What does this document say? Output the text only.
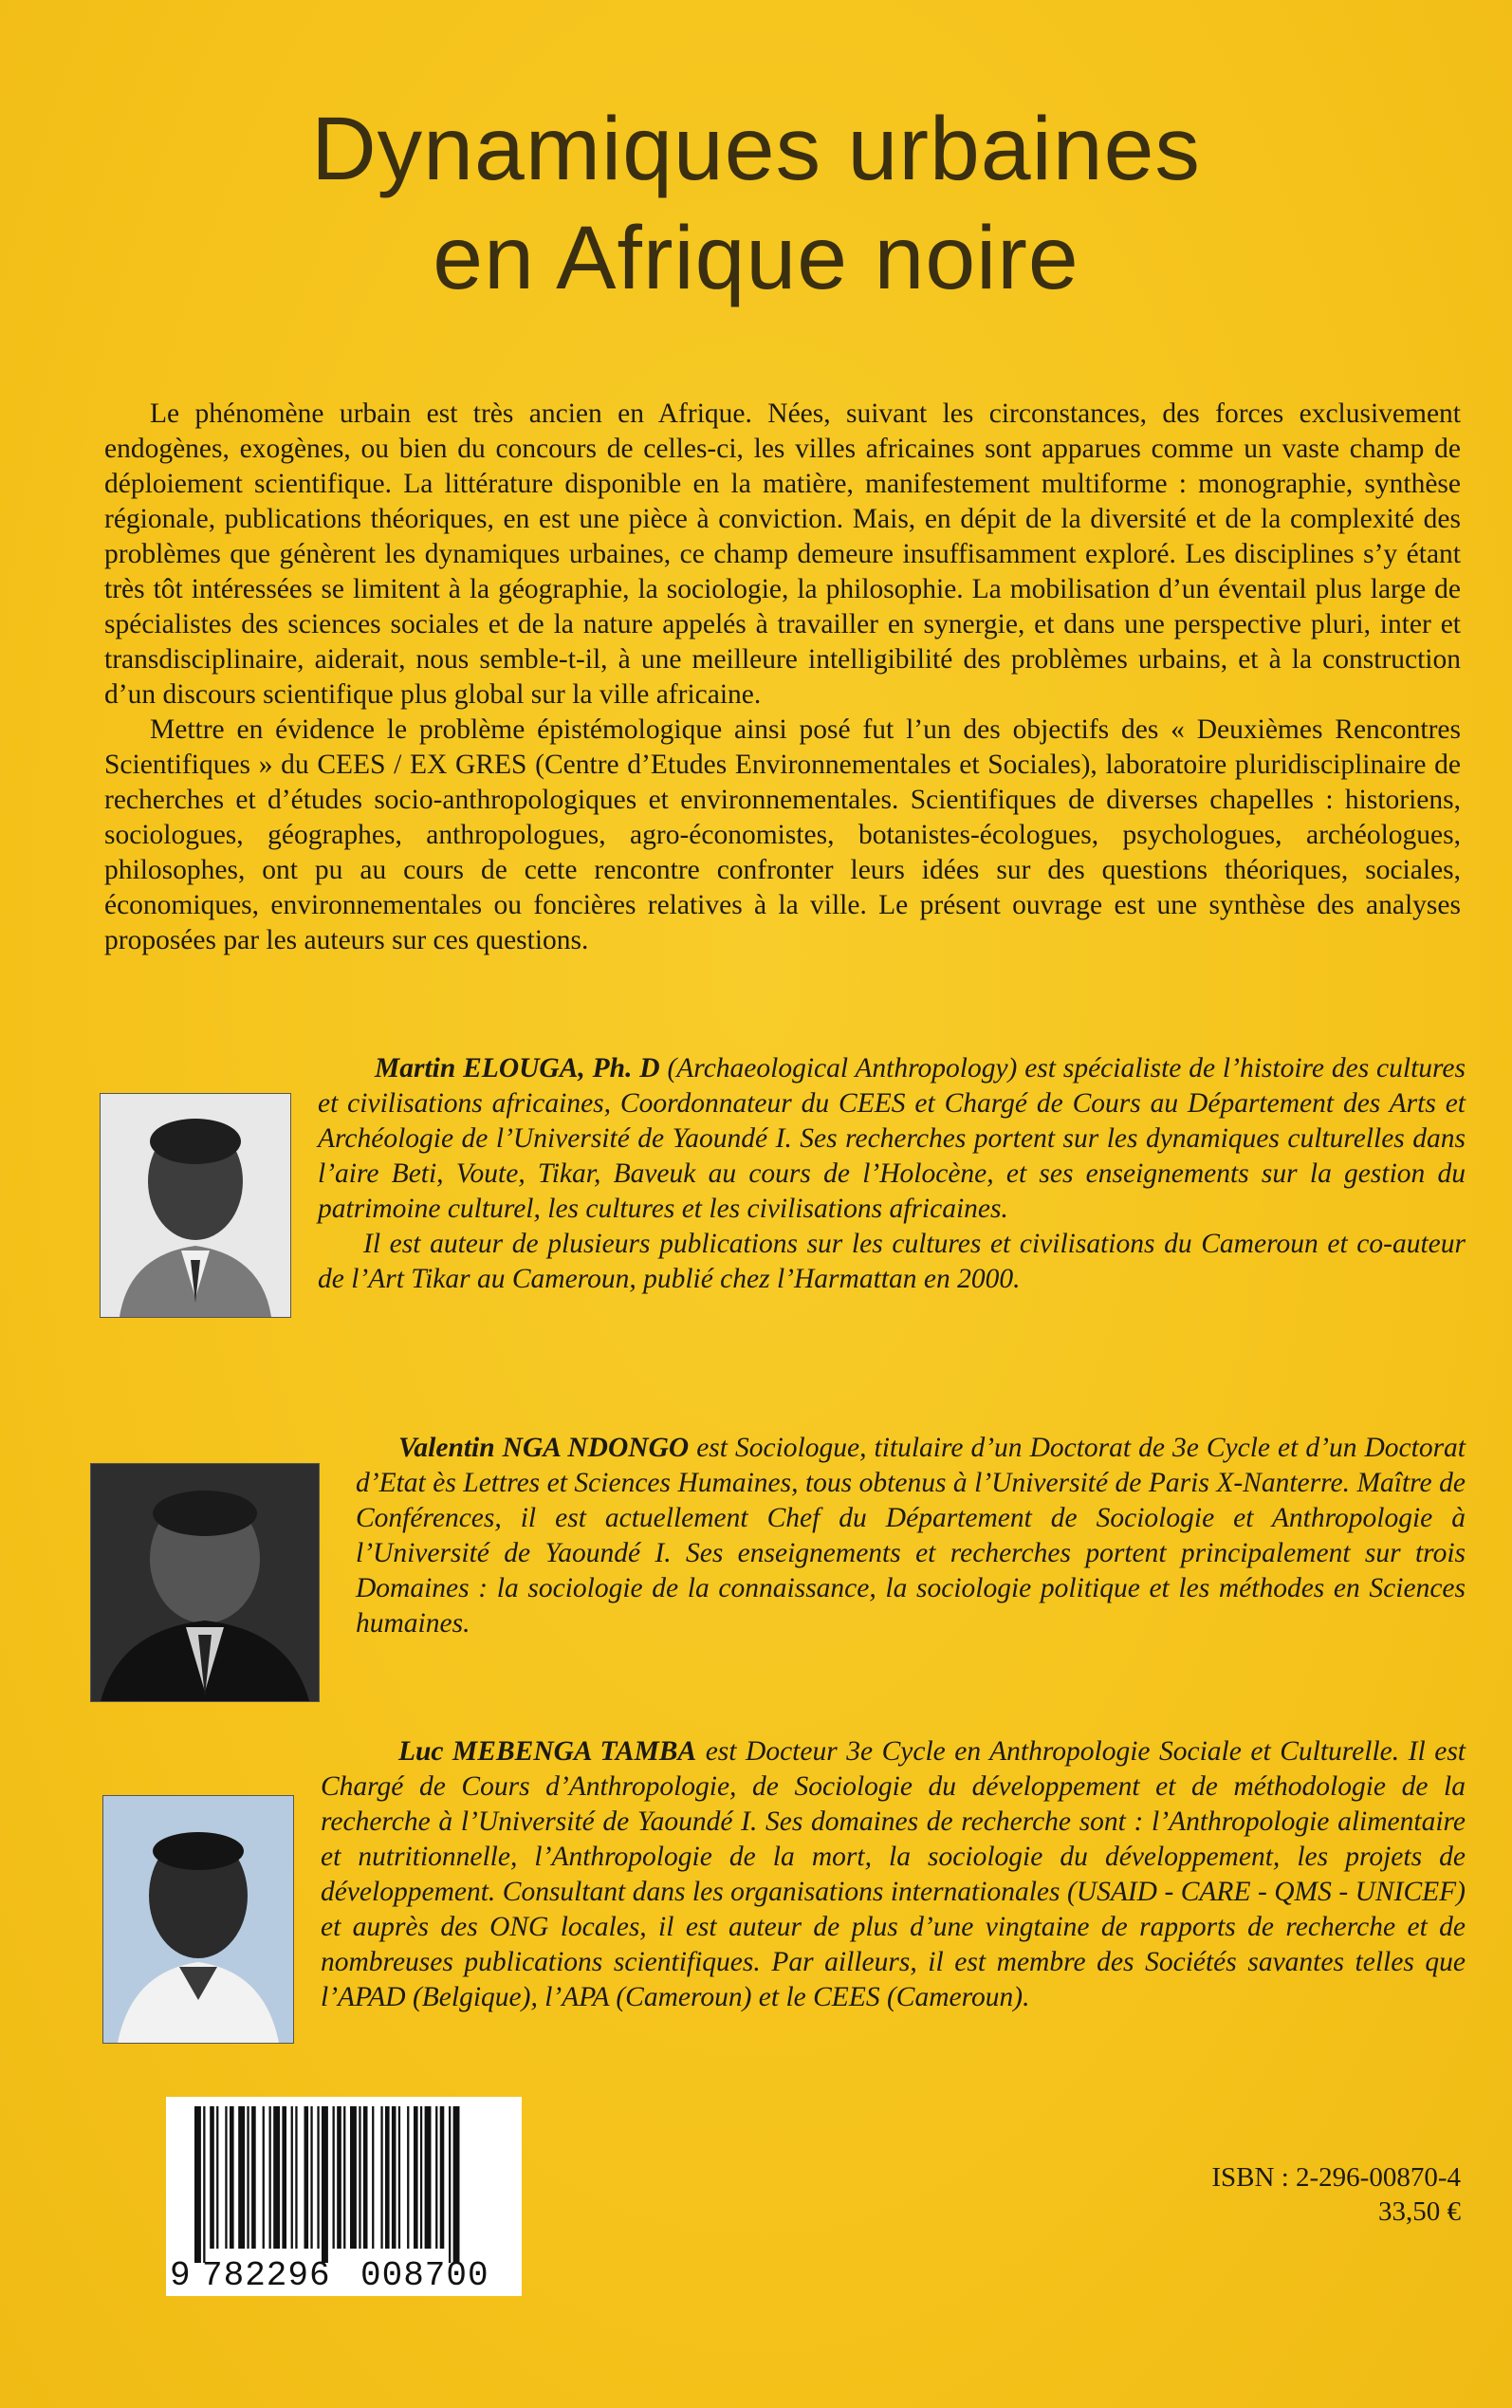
Dynamiques urbaines
en Afrique noire

Le phénomène urbain est très ancien en Afrique. Nées, suivant les circonstances, des forces exclusivement endogènes, exogènes, ou bien du concours de celles-ci, les villes africaines sont apparues comme un vaste champ de déploiement scientifique. La littérature disponible en la matière, manifestement multiforme : monographie, synthèse régionale, publications théoriques, en est une pièce à conviction. Mais, en dépit de la diversité et de la complexité des problèmes que génèrent les dynamiques urbaines, ce champ demeure insuffisamment exploré. Les disciplines s’y étant très tôt intéressées se limitent à la géographie, la sociologie, la philosophie. La mobilisation d’un éventail plus large de spécialistes des sciences sociales et de la nature appelés à travailler en synergie, et dans une perspective pluri, inter et transdisciplinaire, aiderait, nous semble-t-il, à une meilleure intelligibilité des problèmes urbains, et à la construction d’un discours scientifique plus global sur la ville africaine.

Mettre en évidence le problème épistémologique ainsi posé fut l’un des objectifs des « Deuxièmes Rencontres Scientifiques » du CEES / EX GRES (Centre d’Etudes Environnementales et Sociales), laboratoire pluridisciplinaire de recherches et d’études socio-anthropologiques et environnementales. Scientifiques de diverses chapelles : historiens, sociologues, géographes, anthropologues, agro-économistes, botanistes-écologues, psychologues, archéologues, philosophes, ont pu au cours de cette rencontre confronter leurs idées sur des questions théoriques, sociales, économiques, environnementales ou foncières relatives à la ville. Le présent ouvrage est une synthèse des analyses proposées par les auteurs sur ces questions.

Martin ELOUGA, Ph. D (Archaeological Anthropology) est spécialiste de l’histoire des cultures et civilisations africaines, Coordonnateur du CEES et Chargé de Cours au Département des Arts et Archéologie de l’Université de Yaoundé I. Ses recherches portent sur les dynamiques culturelles dans l’aire Beti, Voute, Tikar, Baveuk au cours de l’Holocène, et ses enseignements sur la gestion du patrimoine culturel, les cultures et les civilisations africaines.

Il est auteur de plusieurs publications sur les cultures et civilisations du Cameroun et co-auteur de l’Art Tikar au Cameroun, publié chez l’Harmattan en 2000.

Valentin NGA NDONGO est Sociologue, titulaire d’un Doctorat de 3e Cycle et d’un Doctorat d’Etat ès Lettres et Sciences Humaines, tous obtenus à l’Université de Paris X-Nanterre. Maître de Conférences, il est actuellement Chef du Département de Sociologie et Anthropologie à l’Université de Yaoundé I. Ses enseignements et recherches portent principalement sur trois Domaines : la sociologie de la connaissance, la sociologie politique et les méthodes en Sciences humaines.

Luc MEBENGA TAMBA est Docteur 3e Cycle en Anthropologie Sociale et Culturelle. Il est Chargé de Cours d’Anthropologie, de Sociologie du développement et de méthodologie de la recherche à l’Université de Yaoundé I. Ses domaines de recherche sont : l’Anthropologie alimentaire et nutritionnelle, l’Anthropologie de la mort, la sociologie du développement, les projets de développement. Consultant dans les organisations internationales (USAID - CARE - QMS - UNICEF) et auprès des ONG locales, il est auteur de plus d’une vingtaine de rapports de recherche et de nombreuses publications scientifiques. Par ailleurs, il est membre des Sociétés savantes telles que l’APAD (Belgique), l’APA (Cameroun) et le CEES (Cameroun).

9 782296 008700
ISBN : 2-296-00870-4
33,50 €
